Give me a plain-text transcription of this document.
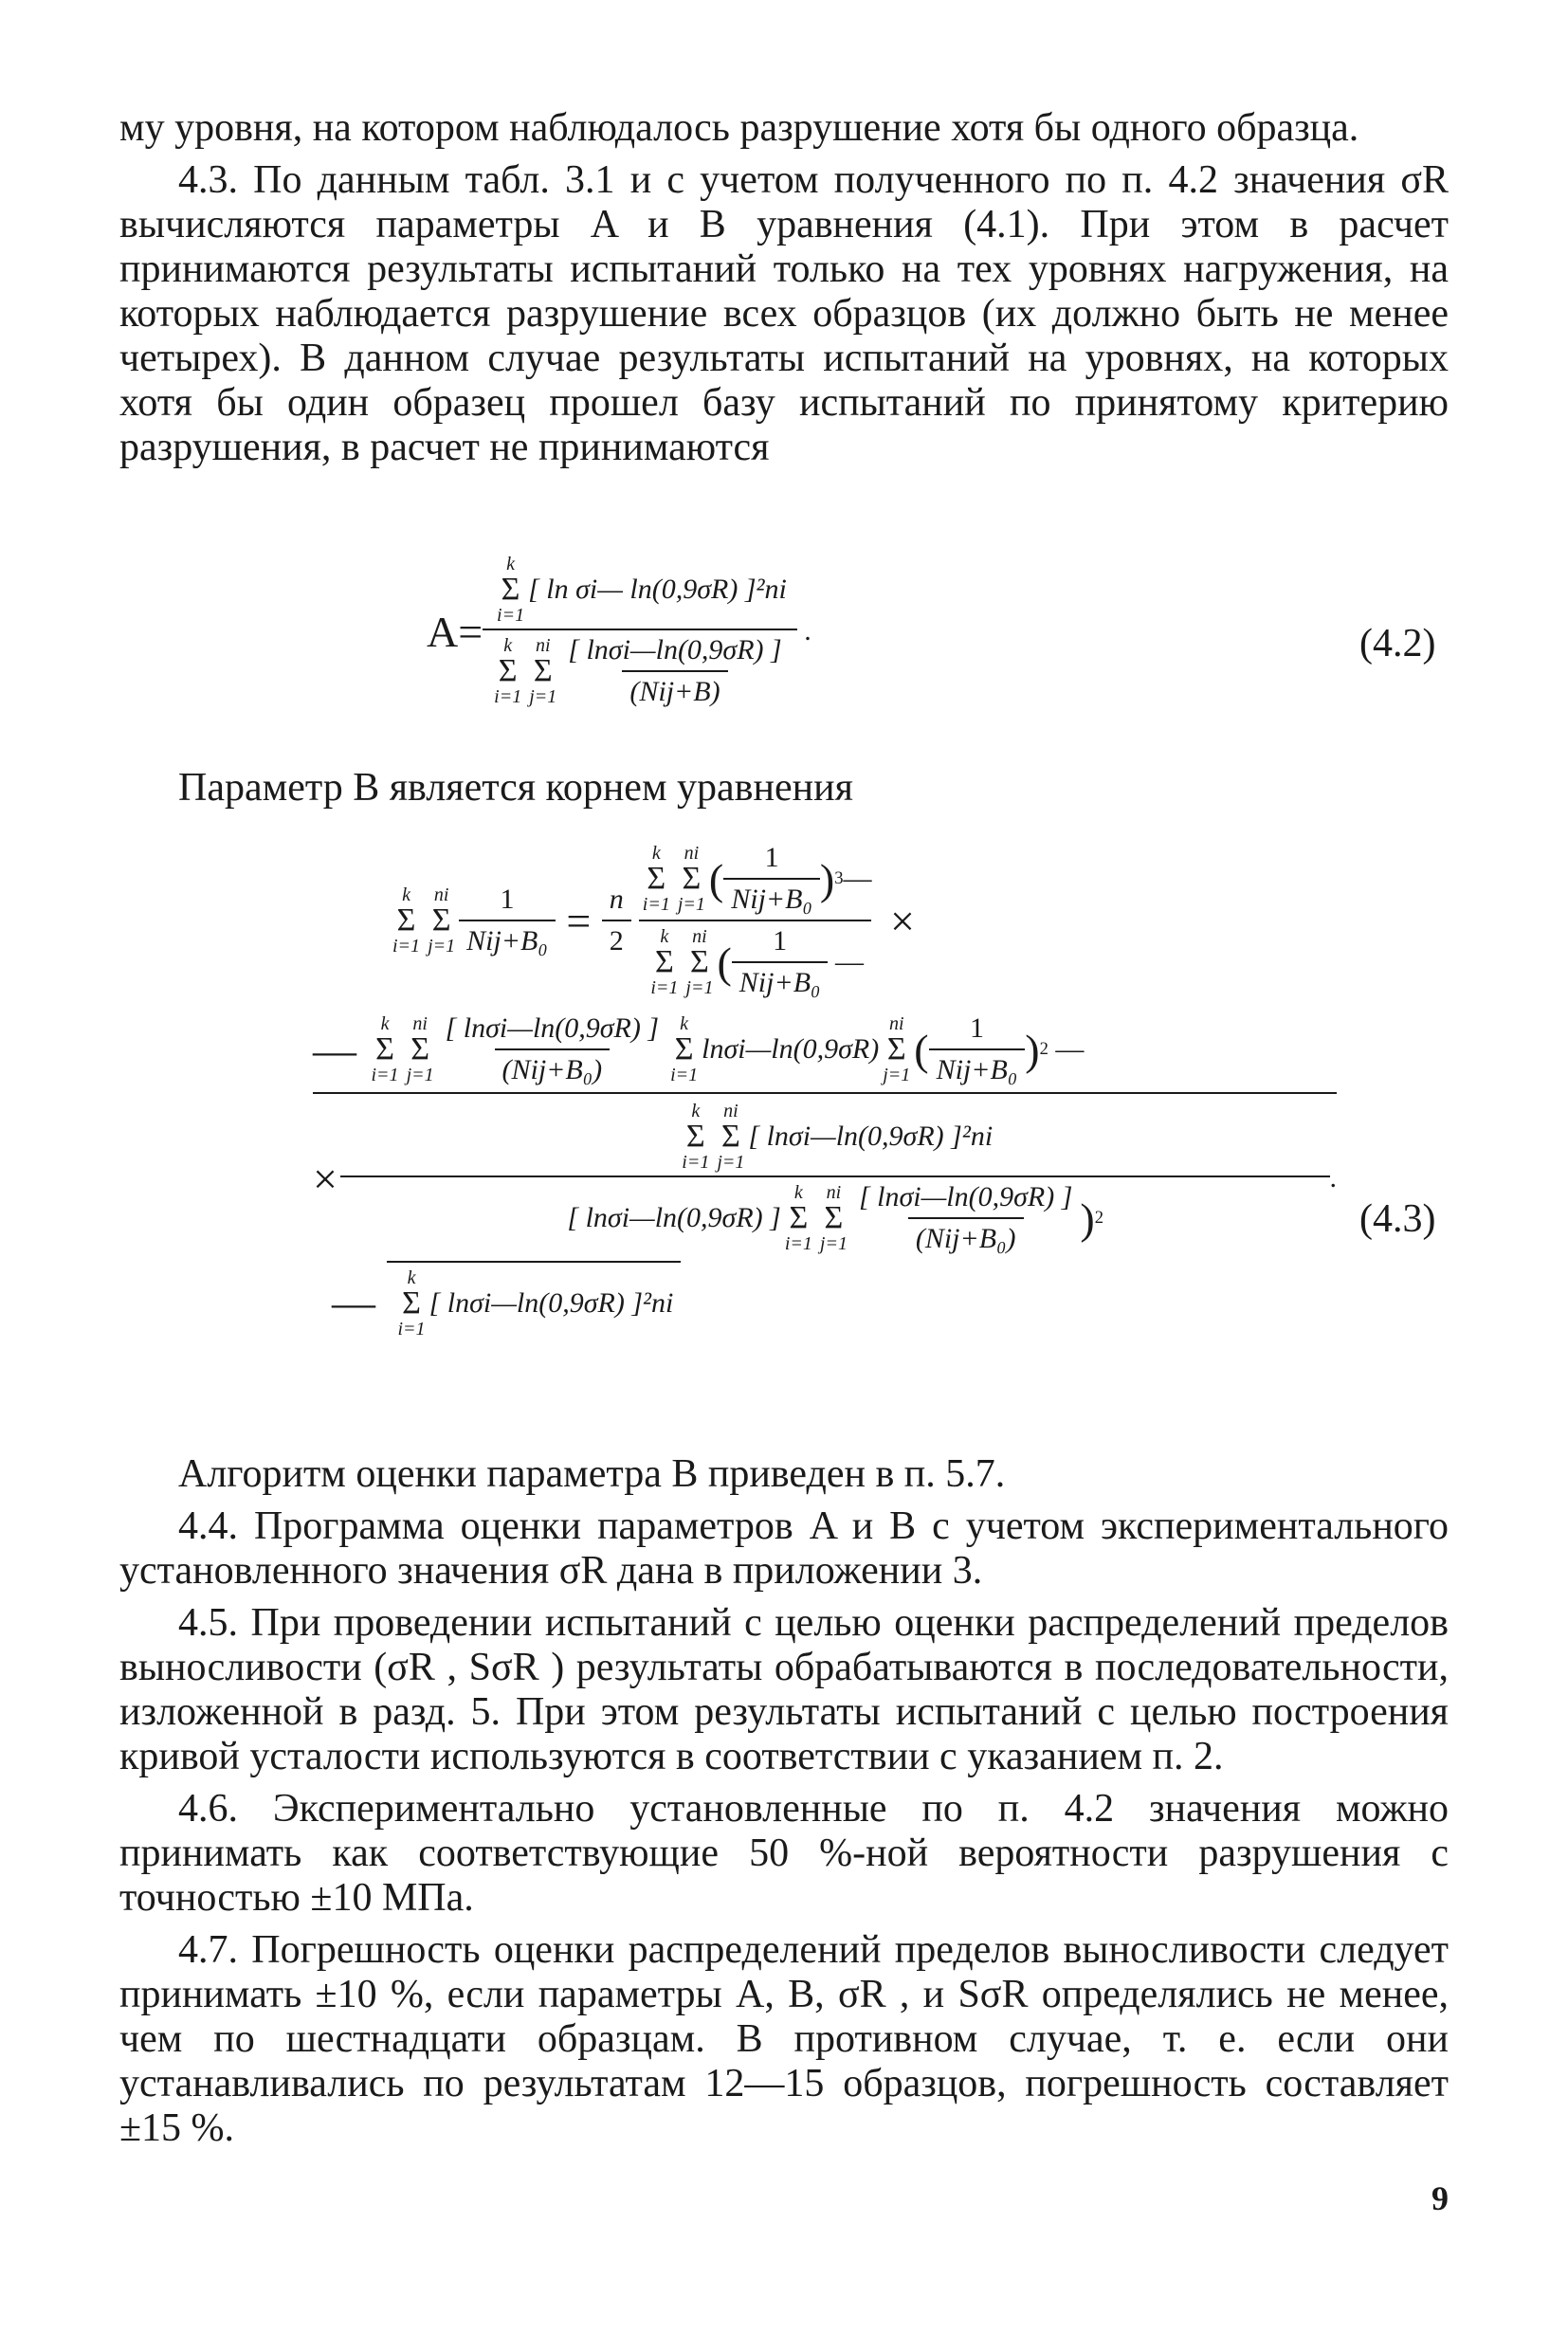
му уровня, на котором наблюдалось разрушение хотя бы одного образца.

4.3. По данным табл. 3.1 и с учетом полученного по п. 4.2 значения σR вычисляются параметры A и B уравнения (4.1). При этом в расчет принимаются результаты испытаний только на тех уровнях нагружения, на которых наблюдается разрушение всех образцов (их должно быть не менее четырех). В данном случае результаты испытаний на уровнях, на которых хотя бы один образец прошел базу испытаний по принятому критерию разрушения, в расчет не принимаются

A=
k
Σ
i=1
[ ln σi— ln(0,9σR) ]²ni
k
Σ
i=1
ni
Σ
$j=1 \frac{[ \ln\sigma i—\ln(0,9\sigma R) ]}{\text{(Nij+B)}}$
.	(4.2)

Параметр B является корнем уравнения

k
Σ
i=1
ni
Σ
$j=1 \frac{1}{\text{Nij+B₀}} = \frac{n}{2}$
k
Σ
i=1
ni
Σ
j=1
( $\frac{1}{\text{Nij+B₀}}$ ) 3 —
k
Σ
i=1
ni
Σ
j=1
( $\frac{1}{\text{Nij+B₀}}$ —
×
—
k
Σ
i=1
ni
Σ
$j=1 \frac{[ \ln\sigma i—\ln(0,9\sigma R) ]}{\text{(Nij+B₀)}}$ k
Σ
i=1
lnσi—ln(0,9σR)
ni
Σ
j=1
( $\frac{1}{\text{Nij+B₀}}$ ) 2 —
×
k
Σ
i=1
ni
Σ
j=1
[ lnσi—ln(0,9σR) ]²ni
[ lnσi—ln(0,9σR) ]
k
Σ
i=1
ni
Σ
$j=1 \frac{[ \ln\sigma i—\ln(0,9\sigma R) ]}{\text{(Nij+B₀)}}$ ) 2
.
— k
Σ
i=1
[ lnσi—ln(0,9σR) ]²ni
(4.3)

Алгоритм оценки параметра B приведен в п. 5.7.

4.4. Программа оценки параметров A и B с учетом экспериментального установленного значения σR дана в приложении 3.

4.5. При проведении испытаний с целью оценки распределений пределов выносливости (σR , SσR ) результаты обрабатываются в последовательности, изложенной в разд. 5. При этом результаты испытаний с целью построения кривой усталости используются в соответствии с указанием п. 2.

4.6. Экспериментально установленные по п. 4.2 значения можно принимать как соответствующие 50 %-ной вероятности разрушения с точностью ±10 МПа.

4.7. Погрешность оценки распределений пределов выносливости следует принимать ±10 %, если параметры A, B, σR , и SσR определялись не менее, чем по шестнадцати образцам. В противном случае, т. е. если они устанавливались по результатам 12—15 образцов, погрешность составляет ±15 %.

9
